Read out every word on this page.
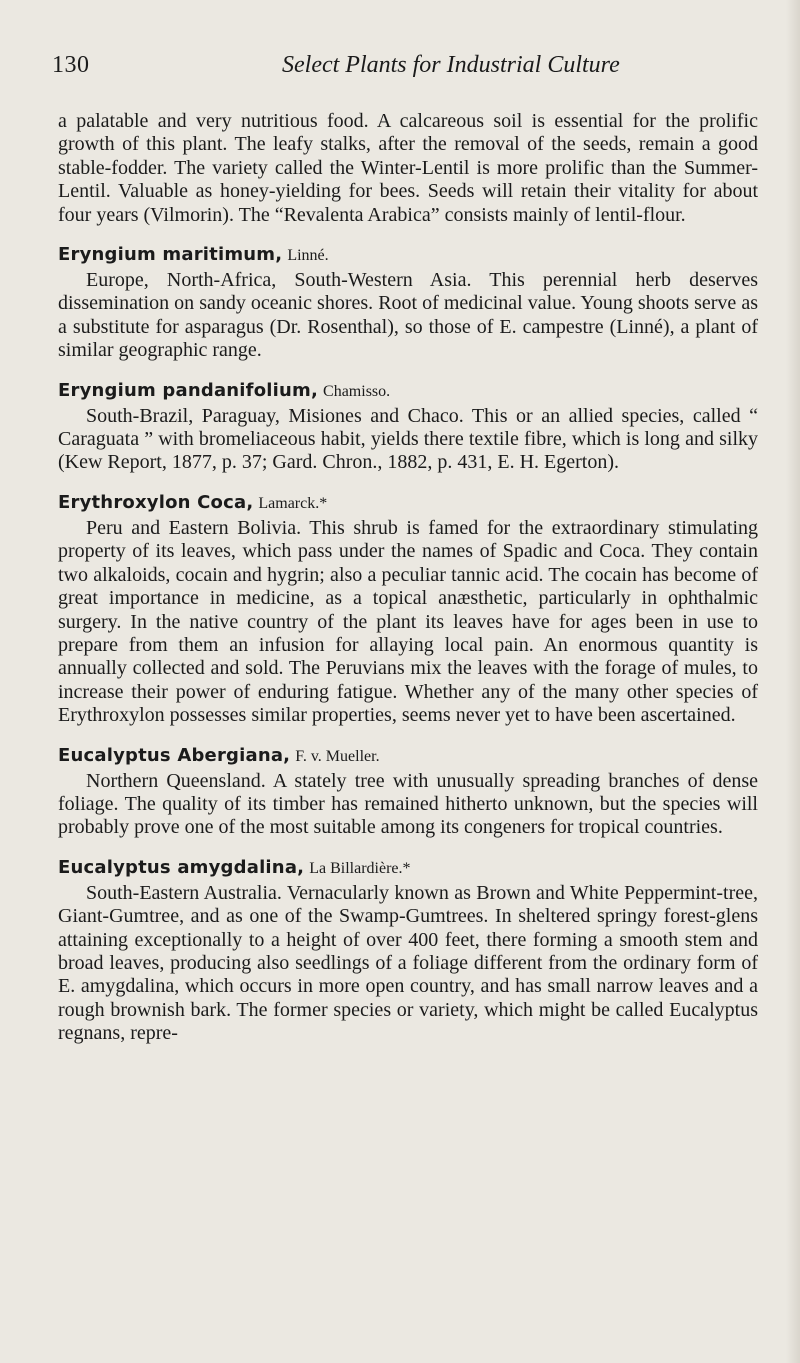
130	Select Plants for Industrial Culture

a palatable and very nutritious food. A calcareous soil is essential for the prolific growth of this plant. The leafy stalks, after the removal of the seeds, remain a good stable-fodder. The variety called the Winter-Lentil is more prolific than the Summer-Lentil. Valuable as honey-yielding for bees. Seeds will retain their vitality for about four years (Vilmorin). The “Revalenta Arabica” consists mainly of lentil-flour.

Eryngium maritimum, Linné.

Europe, North-Africa, South-Western Asia. This perennial herb deserves dissemination on sandy oceanic shores. Root of medicinal value. Young shoots serve as a substitute for asparagus (Dr. Rosenthal), so those of E. campestre (Linné), a plant of similar geographic range.

Eryngium pandanifolium, Chamisso.

South-Brazil, Paraguay, Misiones and Chaco. This or an allied species, called “ Caraguata ” with bromeliaceous habit, yields there textile fibre, which is long and silky (Kew Report, 1877, p. 37; Gard. Chron., 1882, p. 431, E. H. Egerton).

Erythroxylon Coca, Lamarck.*

Peru and Eastern Bolivia. This shrub is famed for the extraordinary stimulating property of its leaves, which pass under the names of Spadic and Coca. They contain two alkaloids, cocain and hygrin; also a peculiar tannic acid. The cocain has become of great importance in medicine, as a topical anæsthetic, particularly in ophthalmic surgery. In the native country of the plant its leaves have for ages been in use to prepare from them an infusion for allaying local pain. An enormous quantity is annually collected and sold. The Peruvians mix the leaves with the forage of mules, to increase their power of enduring fatigue. Whether any of the many other species of Erythroxylon possesses similar properties, seems never yet to have been ascertained.

Eucalyptus Abergiana, F. v. Mueller.

Northern Queensland. A stately tree with unusually spreading branches of dense foliage. The quality of its timber has remained hitherto unknown, but the species will probably prove one of the most suitable among its congeners for tropical countries.

Eucalyptus amygdalina, La Billardière.*

South-Eastern Australia. Vernacularly known as Brown and White Peppermint-tree, Giant-Gumtree, and as one of the Swamp-Gumtrees. In sheltered springy forest-glens attaining exceptionally to a height of over 400 feet, there forming a smooth stem and broad leaves, producing also seedlings of a foliage different from the ordinary form of E. amygdalina, which occurs in more open country, and has small narrow leaves and a rough brownish bark. The former species or variety, which might be called Eucalyptus regnans, repre-
